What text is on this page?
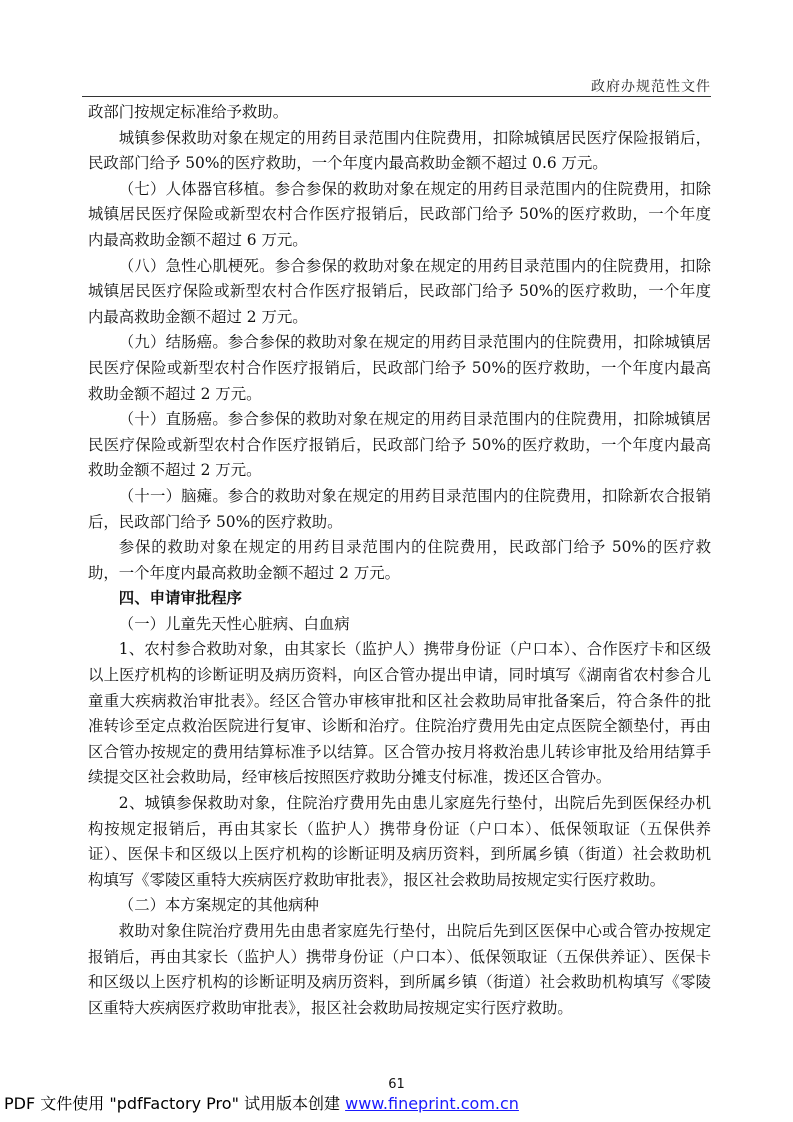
政府办规范性文件

政部门按规定标准给予救助。

城镇参保救助对象在规定的用药目录范围内住院费用，扣除城镇居民医疗保险报销后，民政部门给予 50%的医疗救助，一个年度内最高救助金额不超过 0.6 万元。

（七）人体器官移植。参合参保的救助对象在规定的用药目录范围内的住院费用，扣除城镇居民医疗保险或新型农村合作医疗报销后，民政部门给予 50%的医疗救助，一个年度内最高救助金额不超过 6 万元。

（八）急性心肌梗死。参合参保的救助对象在规定的用药目录范围内的住院费用，扣除城镇居民医疗保险或新型农村合作医疗报销后，民政部门给予 50%的医疗救助，一个年度内最高救助金额不超过 2 万元。

（九）结肠癌。参合参保的救助对象在规定的用药目录范围内的住院费用，扣除城镇居民医疗保险或新型农村合作医疗报销后，民政部门给予 50%的医疗救助，一个年度内最高救助金额不超过 2 万元。

（十）直肠癌。参合参保的救助对象在规定的用药目录范围内的住院费用，扣除城镇居民医疗保险或新型农村合作医疗报销后，民政部门给予 50%的医疗救助，一个年度内最高救助金额不超过 2 万元。

（十一）脑瘫。参合的救助对象在规定的用药目录范围内的住院费用，扣除新农合报销后，民政部门给予 50%的医疗救助。

参保的救助对象在规定的用药目录范围内的住院费用，民政部门给予 50%的医疗救助，一个年度内最高救助金额不超过 2 万元。

四、申请审批程序

（一）儿童先天性心脏病、白血病

1、农村参合救助对象，由其家长（监护人）携带身份证（户口本）、合作医疗卡和区级以上医疗机构的诊断证明及病历资料，向区合管办提出申请，同时填写《湖南省农村参合儿童重大疾病救治审批表》。经区合管办审核审批和区社会救助局审批备案后，符合条件的批准转诊至定点救治医院进行复审、诊断和治疗。住院治疗费用先由定点医院全额垫付，再由区合管办按规定的费用结算标准予以结算。区合管办按月将救治患儿转诊审批及给用结算手续提交区社会救助局，经审核后按照医疗救助分摊支付标准，拨还区合管办。

2、城镇参保救助对象，住院治疗费用先由患儿家庭先行垫付，出院后先到医保经办机构按规定报销后，再由其家长（监护人）携带身份证（户口本）、低保领取证（五保供养证）、医保卡和区级以上医疗机构的诊断证明及病历资料，到所属乡镇（街道）社会救助机构填写《零陵区重特大疾病医疗救助审批表》，报区社会救助局按规定实行医疗救助。

（二）本方案规定的其他病种

救助对象住院治疗费用先由患者家庭先行垫付，出院后先到区医保中心或合管办按规定报销后，再由其家长（监护人）携带身份证（户口本）、低保领取证（五保供养证）、医保卡和区级以上医疗机构的诊断证明及病历资料，到所属乡镇（街道）社会救助机构填写《零陵区重特大疾病医疗救助审批表》，报区社会救助局按规定实行医疗救助。

61
PDF 文件使用 "pdfFactory Pro" 试用版本创建 www.fineprint.com.cn
